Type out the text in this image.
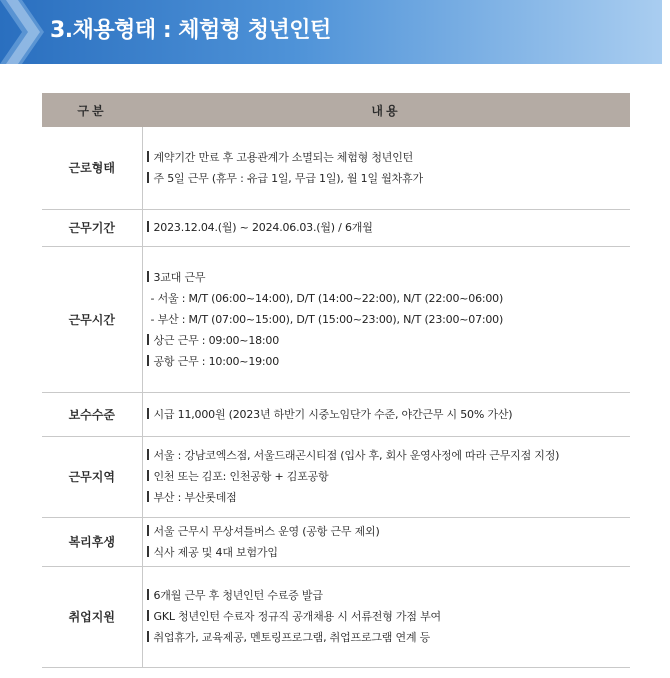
3.채용형태 : 체험형 청년인턴
구분	내용
근로형태	계약기간 만료 후 고용관계가 소멸되는 체험형 청년인턴
주 5일 근무 (휴무 : 유급 1일, 무급 1일), 월 1일 월차휴가

근무기간	2023.12.04.(월) ~ 2024.06.03.(월) / 6개월

근무시간	3교대 근무
- 서울 : M/T (06:00~14:00), D/T (14:00~22:00), N/T (22:00~06:00)
- 부산 : M/T (07:00~15:00), D/T (15:00~23:00), N/T (23:00~07:00)
상근 근무 : 09:00~18:00
공항 근무 : 10:00~19:00

보수수준	시급 11,000원 (2023년 하반기 시중노임단가 수준, 야간근무 시 50% 가산)

근무지역	서울 : 강남코엑스점, 서울드래곤시티점 (입사 후, 회사 운영사정에 따라 근무지점 지정)
인천 또는 김포: 인천공항 + 김포공항
부산 : 부산롯데점

복리후생	서울 근무시 무상셔틀버스 운영 (공항 근무 제외)
식사 제공 및 4대 보험가입

취업지원	6개월 근무 후 청년인턴 수료증 발급
GKL 청년인턴 수료자 정규직 공개채용 시 서류전형 가점 부여
취업휴가, 교육제공, 멘토링프로그램, 취업프로그램 연계 등
